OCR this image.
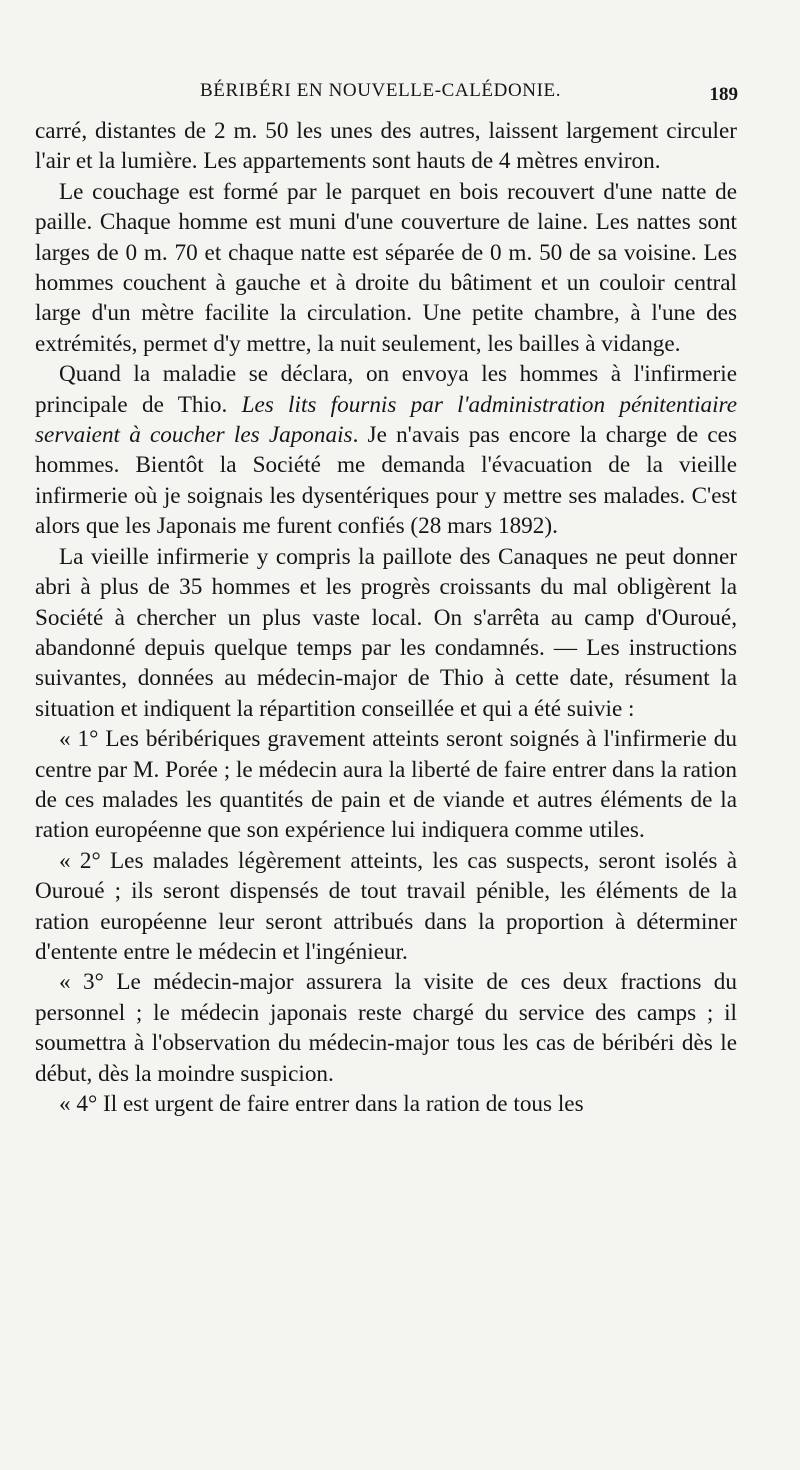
BÉRIBÉRI EN NOUVELLE-CALÉDONIE.	189

carré, distantes de 2 m. 50 les unes des autres, laissent largement circuler l'air et la lumière. Les appartements sont hauts de 4 mètres environ.

Le couchage est formé par le parquet en bois recouvert d'une natte de paille. Chaque homme est muni d'une couverture de laine. Les nattes sont larges de 0 m. 70 et chaque natte est séparée de 0 m. 50 de sa voisine. Les hommes couchent à gauche et à droite du bâtiment et un couloir central large d'un mètre facilite la circulation. Une petite chambre, à l'une des extrémités, permet d'y mettre, la nuit seulement, les bailles à vidange.

Quand la maladie se déclara, on envoya les hommes à l'infirmerie principale de Thio. Les lits fournis par l'administration pénitentiaire servaient à coucher les Japonais. Je n'avais pas encore la charge de ces hommes. Bientôt la Société me demanda l'évacuation de la vieille infirmerie où je soignais les dysentériques pour y mettre ses malades. C'est alors que les Japonais me furent confiés (28 mars 1892).

La vieille infirmerie y compris la paillote des Canaques ne peut donner abri à plus de 35 hommes et les progrès croissants du mal obligèrent la Société à chercher un plus vaste local. On s'arrêta au camp d'Ouroué, abandonné depuis quelque temps par les condamnés. — Les instructions suivantes, données au médecin-major de Thio à cette date, résument la situation et indiquent la répartition conseillée et qui a été suivie :

« 1° Les béribériques gravement atteints seront soignés à l'infirmerie du centre par M. Porée ; le médecin aura la liberté de faire entrer dans la ration de ces malades les quantités de pain et de viande et autres éléments de la ration européenne que son expérience lui indiquera comme utiles.

« 2° Les malades légèrement atteints, les cas suspects, seront isolés à Ouroué ; ils seront dispensés de tout travail pénible, les éléments de la ration européenne leur seront attribués dans la proportion à déterminer d'entente entre le médecin et l'ingénieur.

« 3° Le médecin-major assurera la visite de ces deux fractions du personnel ; le médecin japonais reste chargé du service des camps ; il soumettra à l'observation du médecin-major tous les cas de béribéri dès le début, dès la moindre suspicion.

« 4° Il est urgent de faire entrer dans la ration de tous les
